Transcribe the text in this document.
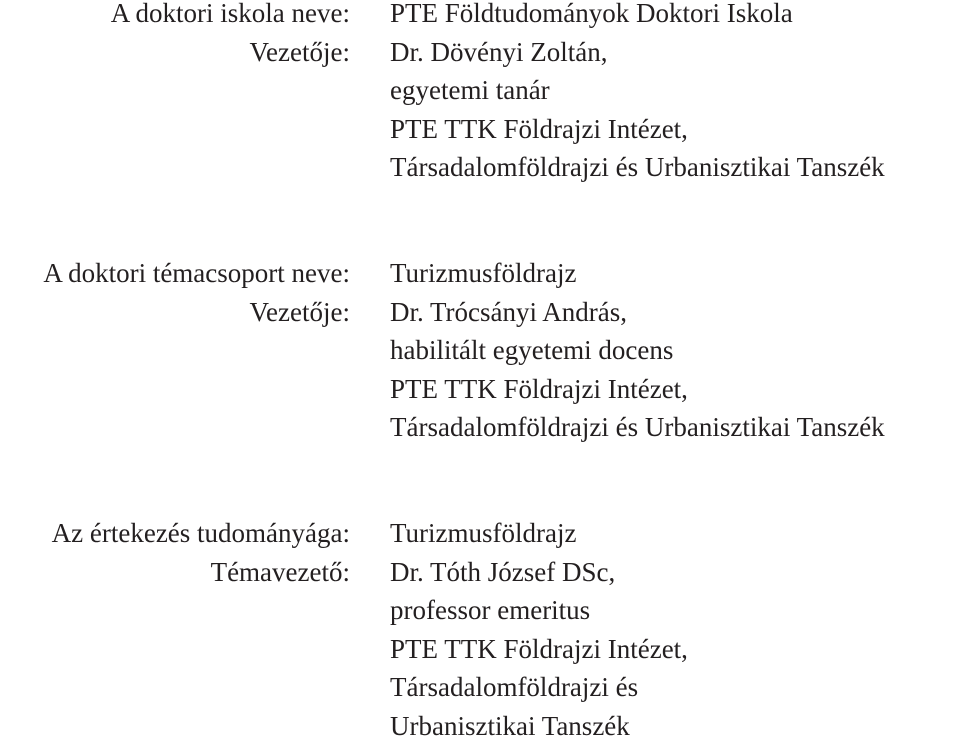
A doktori iskola neve: PTE Földtudományok Doktori Iskola
Vezetője: Dr. Dövényi Zoltán,
egyetemi tanár
PTE TTK Földrajzi Intézet,
Társadalomföldrajzi és Urbanisztikai Tanszék
A doktori témacsoport neve: Turizmusföldrajz
Vezetője: Dr. Trócsányi András,
habilitált egyetemi docens
PTE TTK Földrajzi Intézet,
Társadalomföldrajzi és Urbanisztikai Tanszék
Az értekezés tudományága: Turizmusföldrajz
Témavezető: Dr. Tóth József DSc,
professor emeritus
PTE TTK Földrajzi Intézet,
Társadalomföldrajzi és
Urbanisztikai Tanszék
